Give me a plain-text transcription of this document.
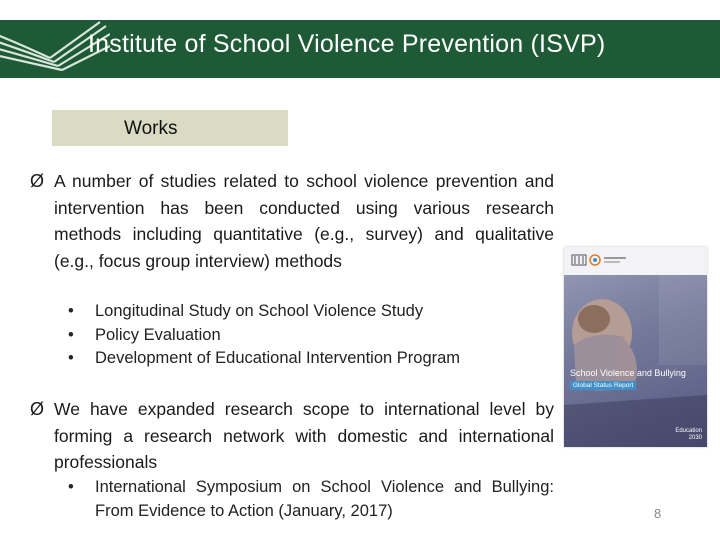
Institute of School Violence Prevention (ISVP)
Works
Ø A number of studies related to school violence prevention and intervention has been conducted using various research methods including quantitative (e.g., survey) and qualitative (e.g., focus group interview) methods
• Longitudinal Study on School Violence Study
• Policy Evaluation
• Development of Educational Intervention Program
Ø We have expanded research scope to international level by forming a research network with domestic and international professionals
• International Symposium on School Violence and Bullying: From Evidence to Action (January, 2017)
School Violence and Bullying
Global Status Report
Education
2030
8
